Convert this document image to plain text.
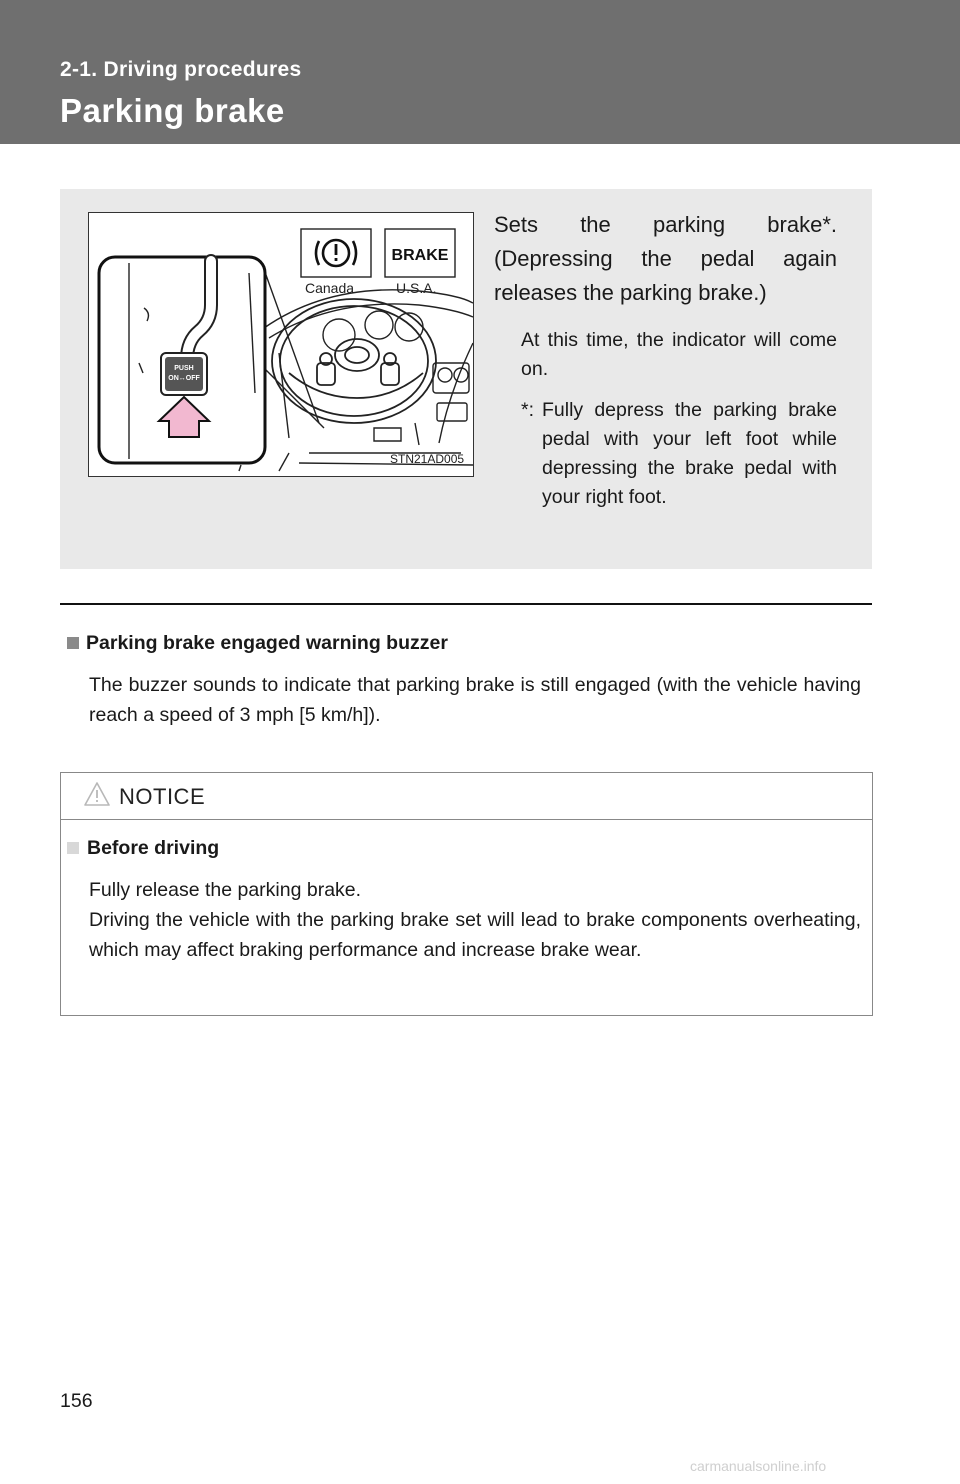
2-1. Driving procedures
Parking brake
PUSH
ON↔OFF
BRAKE
Canada	U.S.A.
STN21AD005
Sets the parking brake*. (Depressing the pedal again releases the parking brake.)
At this time, the indicator will come on.
*: Fully depress the parking brake pedal with your left foot while depressing the brake pedal with your right foot.
Parking brake engaged warning buzzer
The buzzer sounds to indicate that parking brake is still engaged (with the vehicle having reach a speed of 3 mph [5 km/h]).
NOTICE
Before driving
Fully release the parking brake.
Driving the vehicle with the parking brake set will lead to brake components overheating, which may affect braking performance and increase brake wear.
156
carmanualsonline.info
